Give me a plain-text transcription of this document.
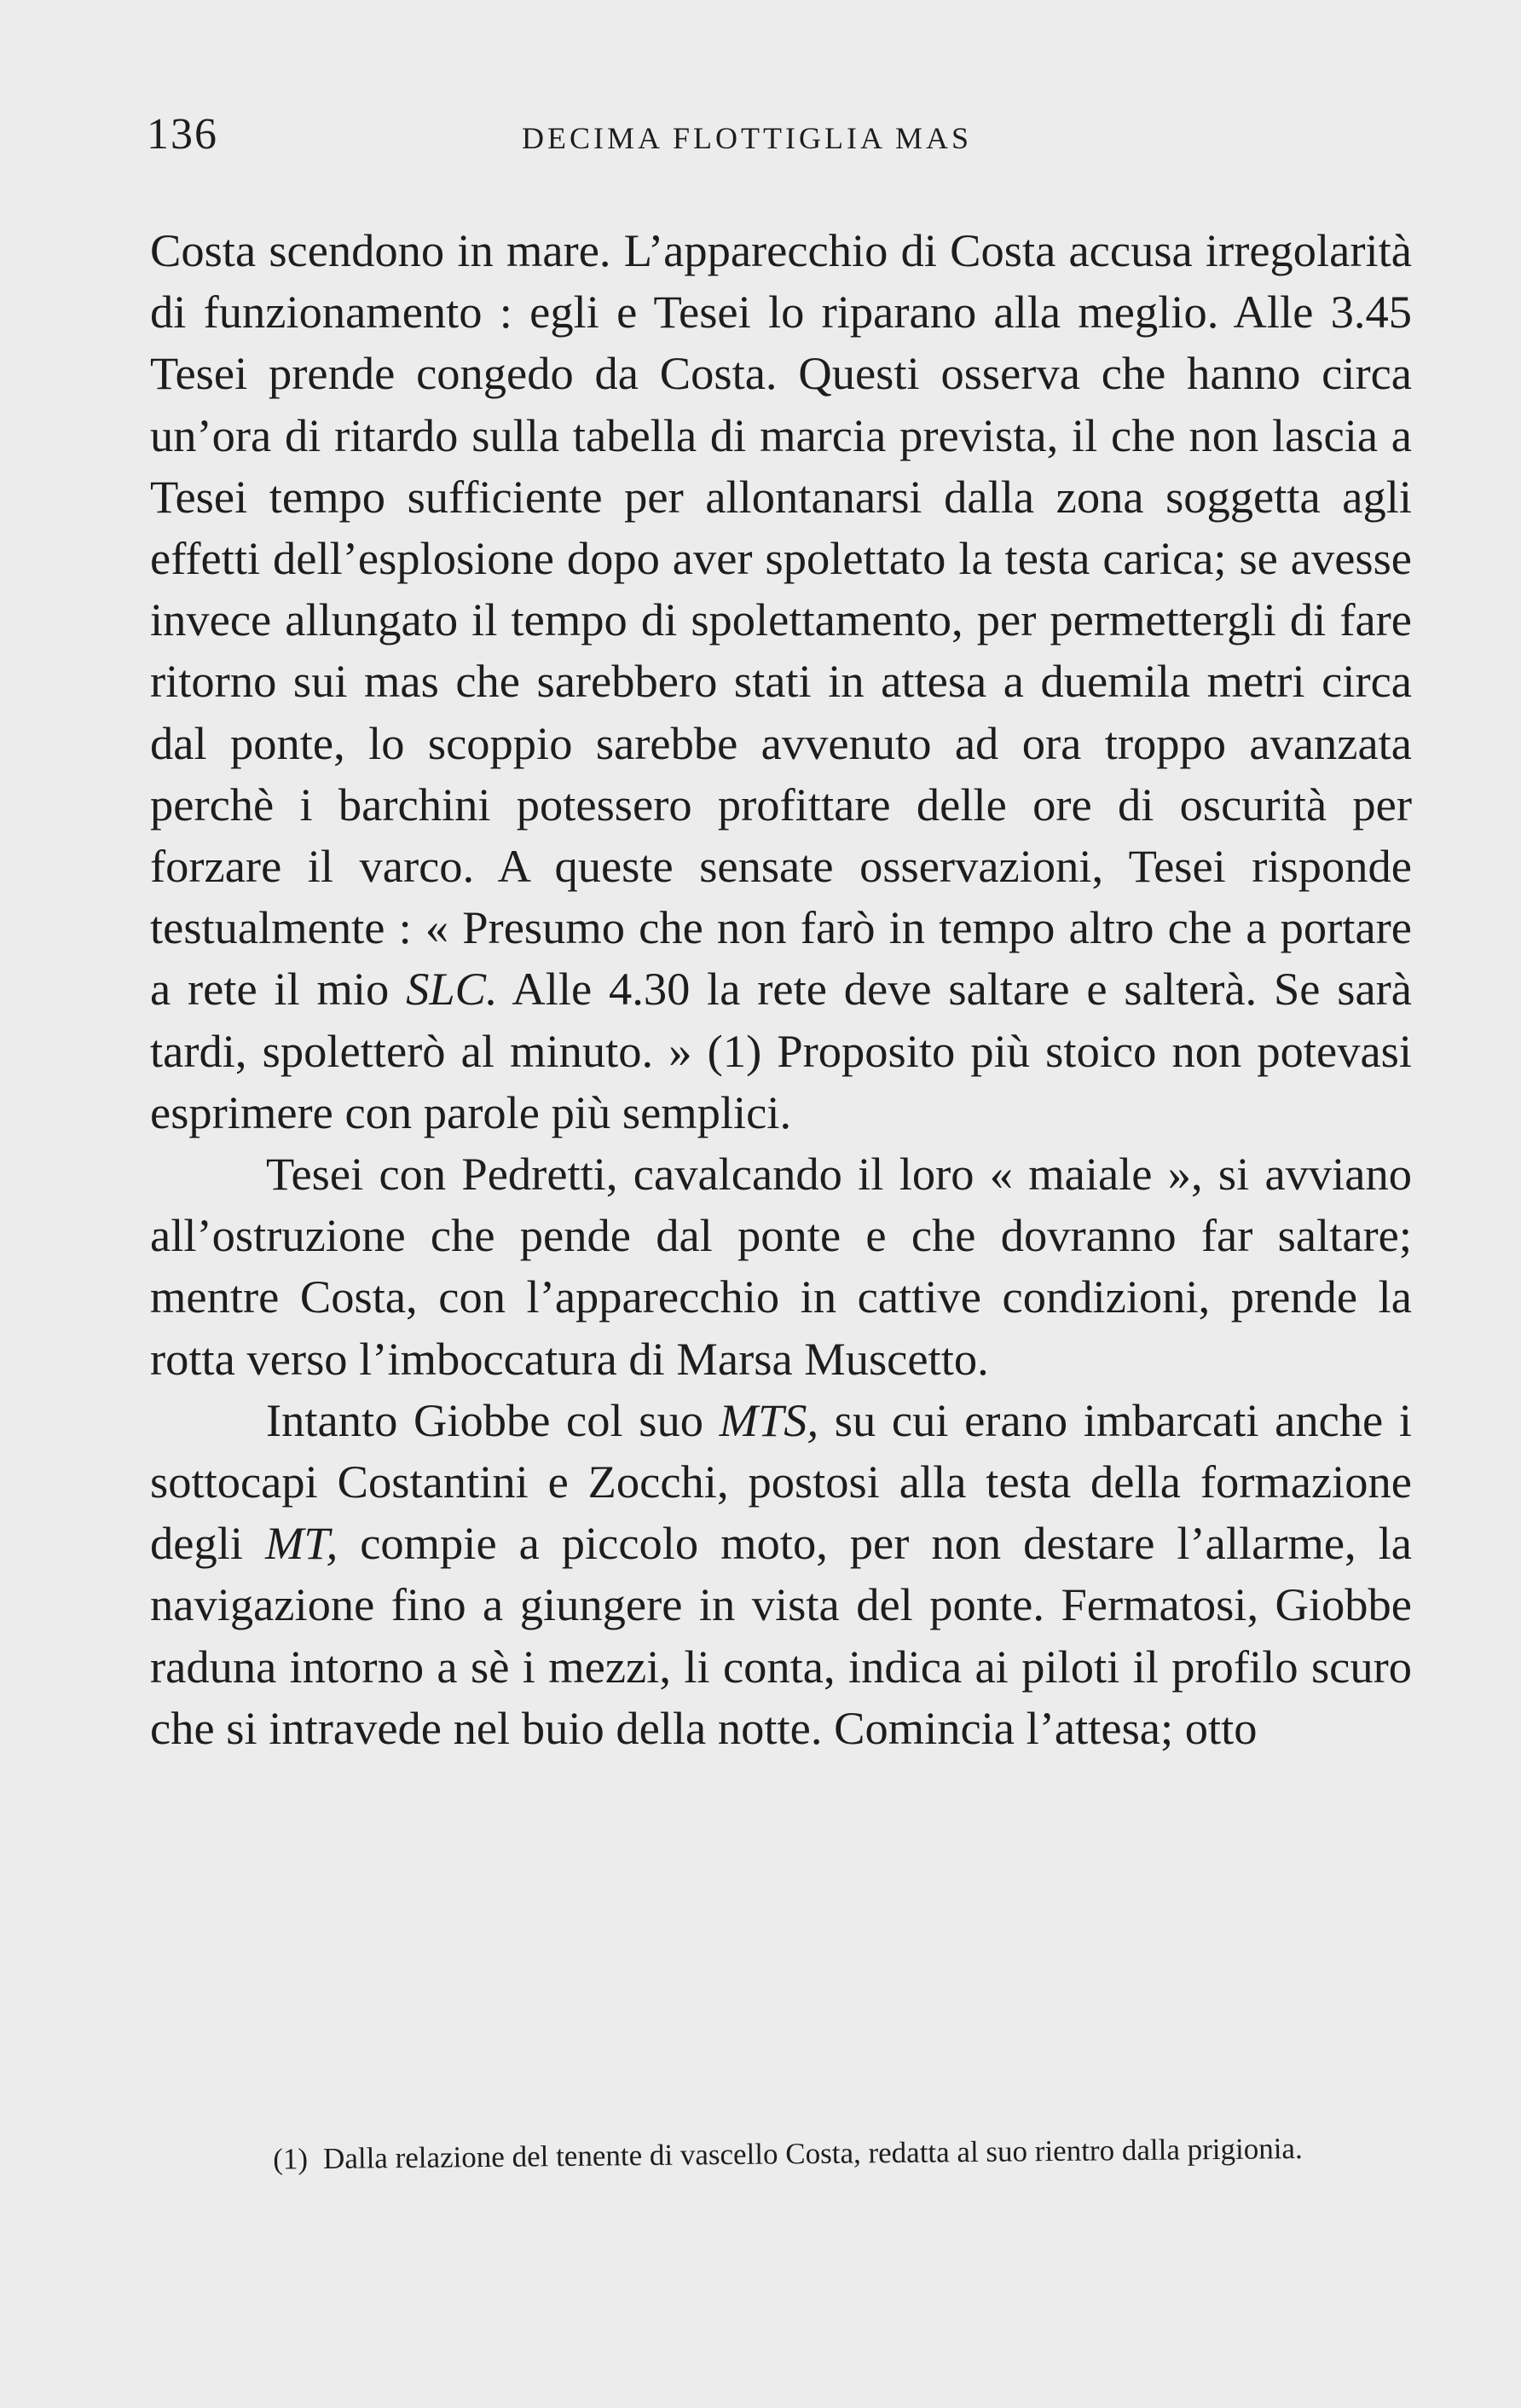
136	DECIMA FLOTTIGLIA MAS

Costa scendono in mare. L’apparecchio di Costa accusa irregolarità di funzionamento : egli e Tesei lo riparano alla meglio. Alle 3.45 Tesei prende congedo da Costa. Questi osserva che hanno circa un’ora di ritardo sulla tabella di marcia prevista, il che non lascia a Tesei tempo sufficiente per allontanarsi dalla zona soggetta agli effetti dell’esplosione dopo aver spolettato la testa carica; se avesse invece allungato il tempo di spolettamento, per permettergli di fare ritorno sui mas che sarebbero stati in attesa a duemila metri circa dal ponte, lo scoppio sarebbe avvenuto ad ora troppo avanzata perchè i barchini potessero profittare delle ore di oscurità per forzare il varco. A queste sensate osservazioni, Tesei risponde testualmente : « Presumo che non farò in tempo altro che a portare a rete il mio SLC. Alle 4.30 la rete deve saltare e salterà. Se sarà tardi, spoletterò al minuto. » (1) Proposito più stoico non potevasi esprimere con parole più semplici.

Tesei con Pedretti, cavalcando il loro « maiale », si avviano all’ostruzione che pende dal ponte e che dovranno far saltare; mentre Costa, con l’apparecchio in cattive condizioni, prende la rotta verso l’imboccatura di Marsa Muscetto.

Intanto Giobbe col suo MTS, su cui erano imbarcati anche i sottocapi Costantini e Zocchi, postosi alla testa della formazione degli MT, compie a piccolo moto, per non destare l’allarme, la navigazione fino a giungere in vista del ponte. Fermatosi, Giobbe raduna intorno a sè i mezzi, li conta, indica ai piloti il profilo scuro che si intravede nel buio della notte. Comincia l’attesa; otto

(1) Dalla relazione del tenente di vascello Costa, redatta al suo rientro dalla prigionia.
